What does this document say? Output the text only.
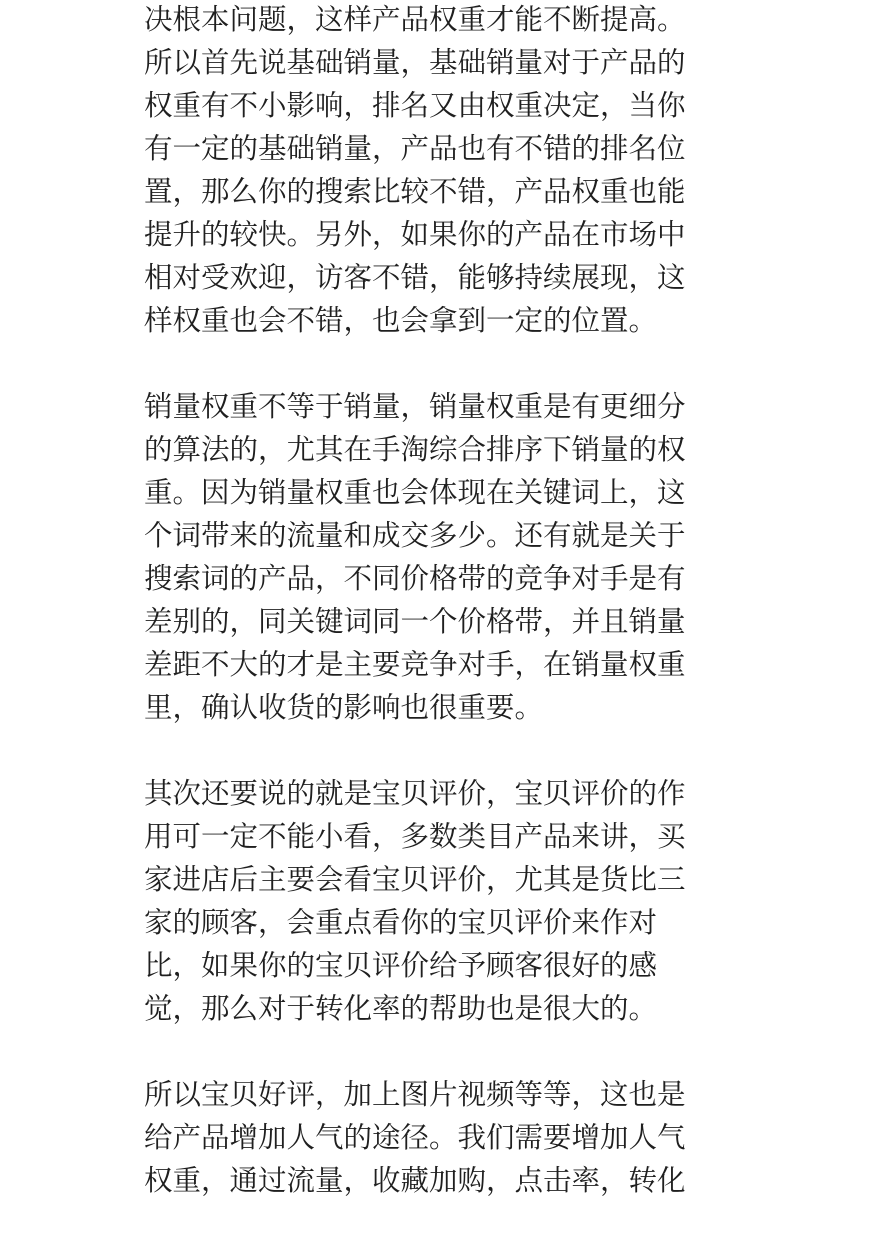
决根本问题，这样产品权重才能不断提高。
所以首先说基础销量，基础销量对于产品的
权重有不小影响，排名又由权重决定，当你
有一定的基础销量，产品也有不错的排名位
置，那么你的搜索比较不错，产品权重也能
提升的较快。另外，如果你的产品在市场中
相对受欢迎，访客不错，能够持续展现，这
样权重也会不错，也会拿到一定的位置。
销量权重不等于销量，销量权重是有更细分
的算法的，尤其在手淘综合排序下销量的权
重。因为销量权重也会体现在关键词上，这
个词带来的流量和成交多少。还有就是关于
搜索词的产品，不同价格带的竞争对手是有
差别的，同关键词同一个价格带，并且销量
差距不大的才是主要竞争对手，在销量权重
里，确认收货的影响也很重要。
其次还要说的就是宝贝评价，宝贝评价的作
用可一定不能小看，多数类目产品来讲，买
家进店后主要会看宝贝评价，尤其是货比三
家的顾客，会重点看你的宝贝评价来作对
比，如果你的宝贝评价给予顾客很好的感
觉，那么对于转化率的帮助也是很大的。
所以宝贝好评，加上图片视频等等，这也是
给产品增加人气的途径。我们需要增加人气
权重，通过流量，收藏加购，点击率，转化
